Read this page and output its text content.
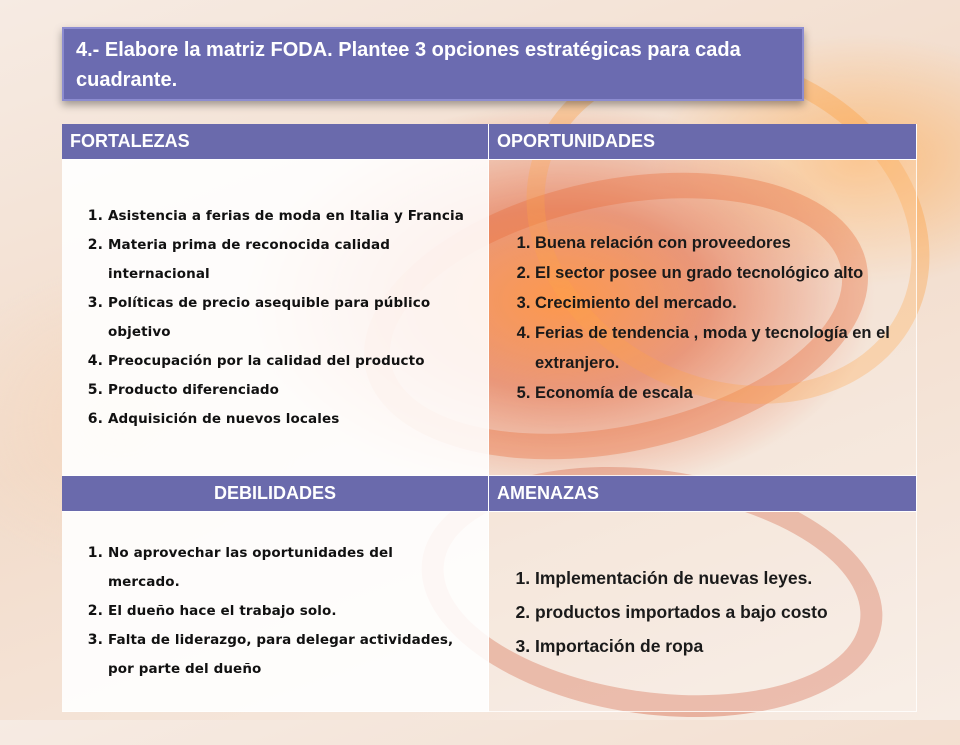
4.- Elabore la matriz FODA. Plantee 3 opciones estratégicas para cada cuadrante.
FORTALEZAS	OPORTUNIDADES
1. Asistencia a ferias de moda en Italia y Francia
2. Materia prima de reconocida calidad internacional
3. Políticas de precio asequible para público objetivo
4. Preocupación por la calidad del producto
5. Producto diferenciado
6. Adquisición de nuevos locales
1. Buena relación con proveedores
2. El sector posee un grado tecnológico alto
3. Crecimiento del mercado.
4. Ferias de tendencia , moda y tecnología en el extranjero.
5. Economía de escala
DEBILIDADES	AMENAZAS
1. No aprovechar las oportunidades del mercado.
2. El dueño hace el trabajo solo.
3. Falta de liderazgo, para delegar actividades, por parte del dueño
1. Implementación de nuevas leyes.
2. productos importados a bajo costo
3. Importación de ropa
